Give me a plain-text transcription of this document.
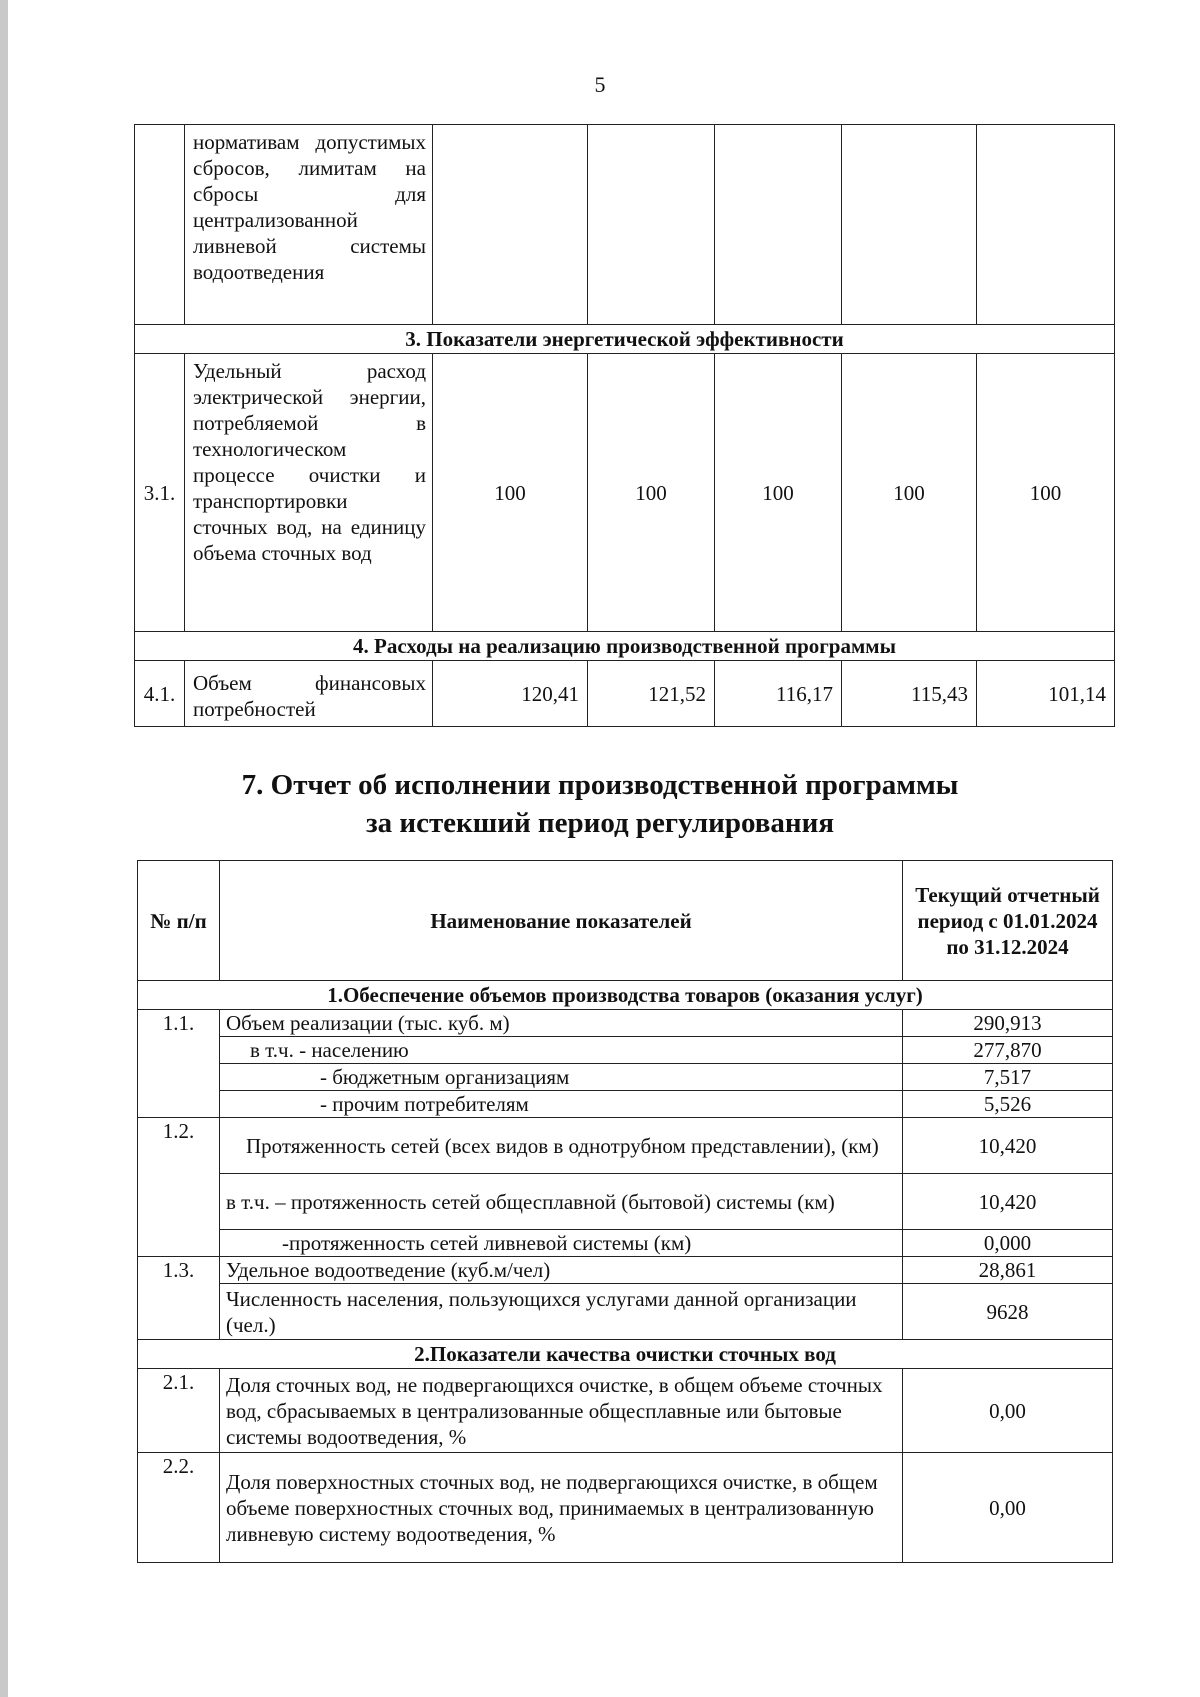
5
	нормативам допустимых сбросов, лимитам на сбросы для централизованной ливневой системы водоотведения					
3. Показатели энергетической эффективности						
3.1.	Удельный расход электрической энергии, потребляемой в технологическом процессе очистки и транспортировки сточных вод, на единицу объема сточных вод	100	100	100	100	100
4. Расходы на реализацию производственной программы						
4.1.	Объем финансовых потребностей	120,41	121,52	116,17	115,43	101,14
7. Отчет об исполнении производственной программы
за истекший период регулирования
№ п/п	Наименование показателей	Текущий отчетный период с 01.01.2024 по 31.12.2024
1.Обеспечение объемов производства товаров (оказания услуг)		
1.1.	Объем реализации (тыс. куб. м)	290,913
	в т.ч. - населению	277,870
	- бюджетным организациям	7,517
	- прочим потребителям	5,526
1.2.	Протяженность сетей (всех видов в однотрубном представлении), (км)	10,420
	в т.ч. – протяженность сетей общесплавной (бытовой) системы (км)	10,420
	-протяженность сетей ливневой системы (км)	0,000
1.3.	Удельное водоотведение (куб.м/чел)	28,861
	Численность населения, пользующихся услугами данной организации (чел.)	9628
2.Показатели качества очистки сточных вод		
2.1.	Доля сточных вод, не подвергающихся очистке, в общем объеме сточных вод, сбрасываемых в централизованные общесплавные или бытовые системы водоотведения, %	0,00
2.2.	Доля поверхностных сточных вод, не подвергающихся очистке, в общем объеме поверхностных сточных вод, принимаемых в централизованную ливневую систему водоотведения, %	0,00
